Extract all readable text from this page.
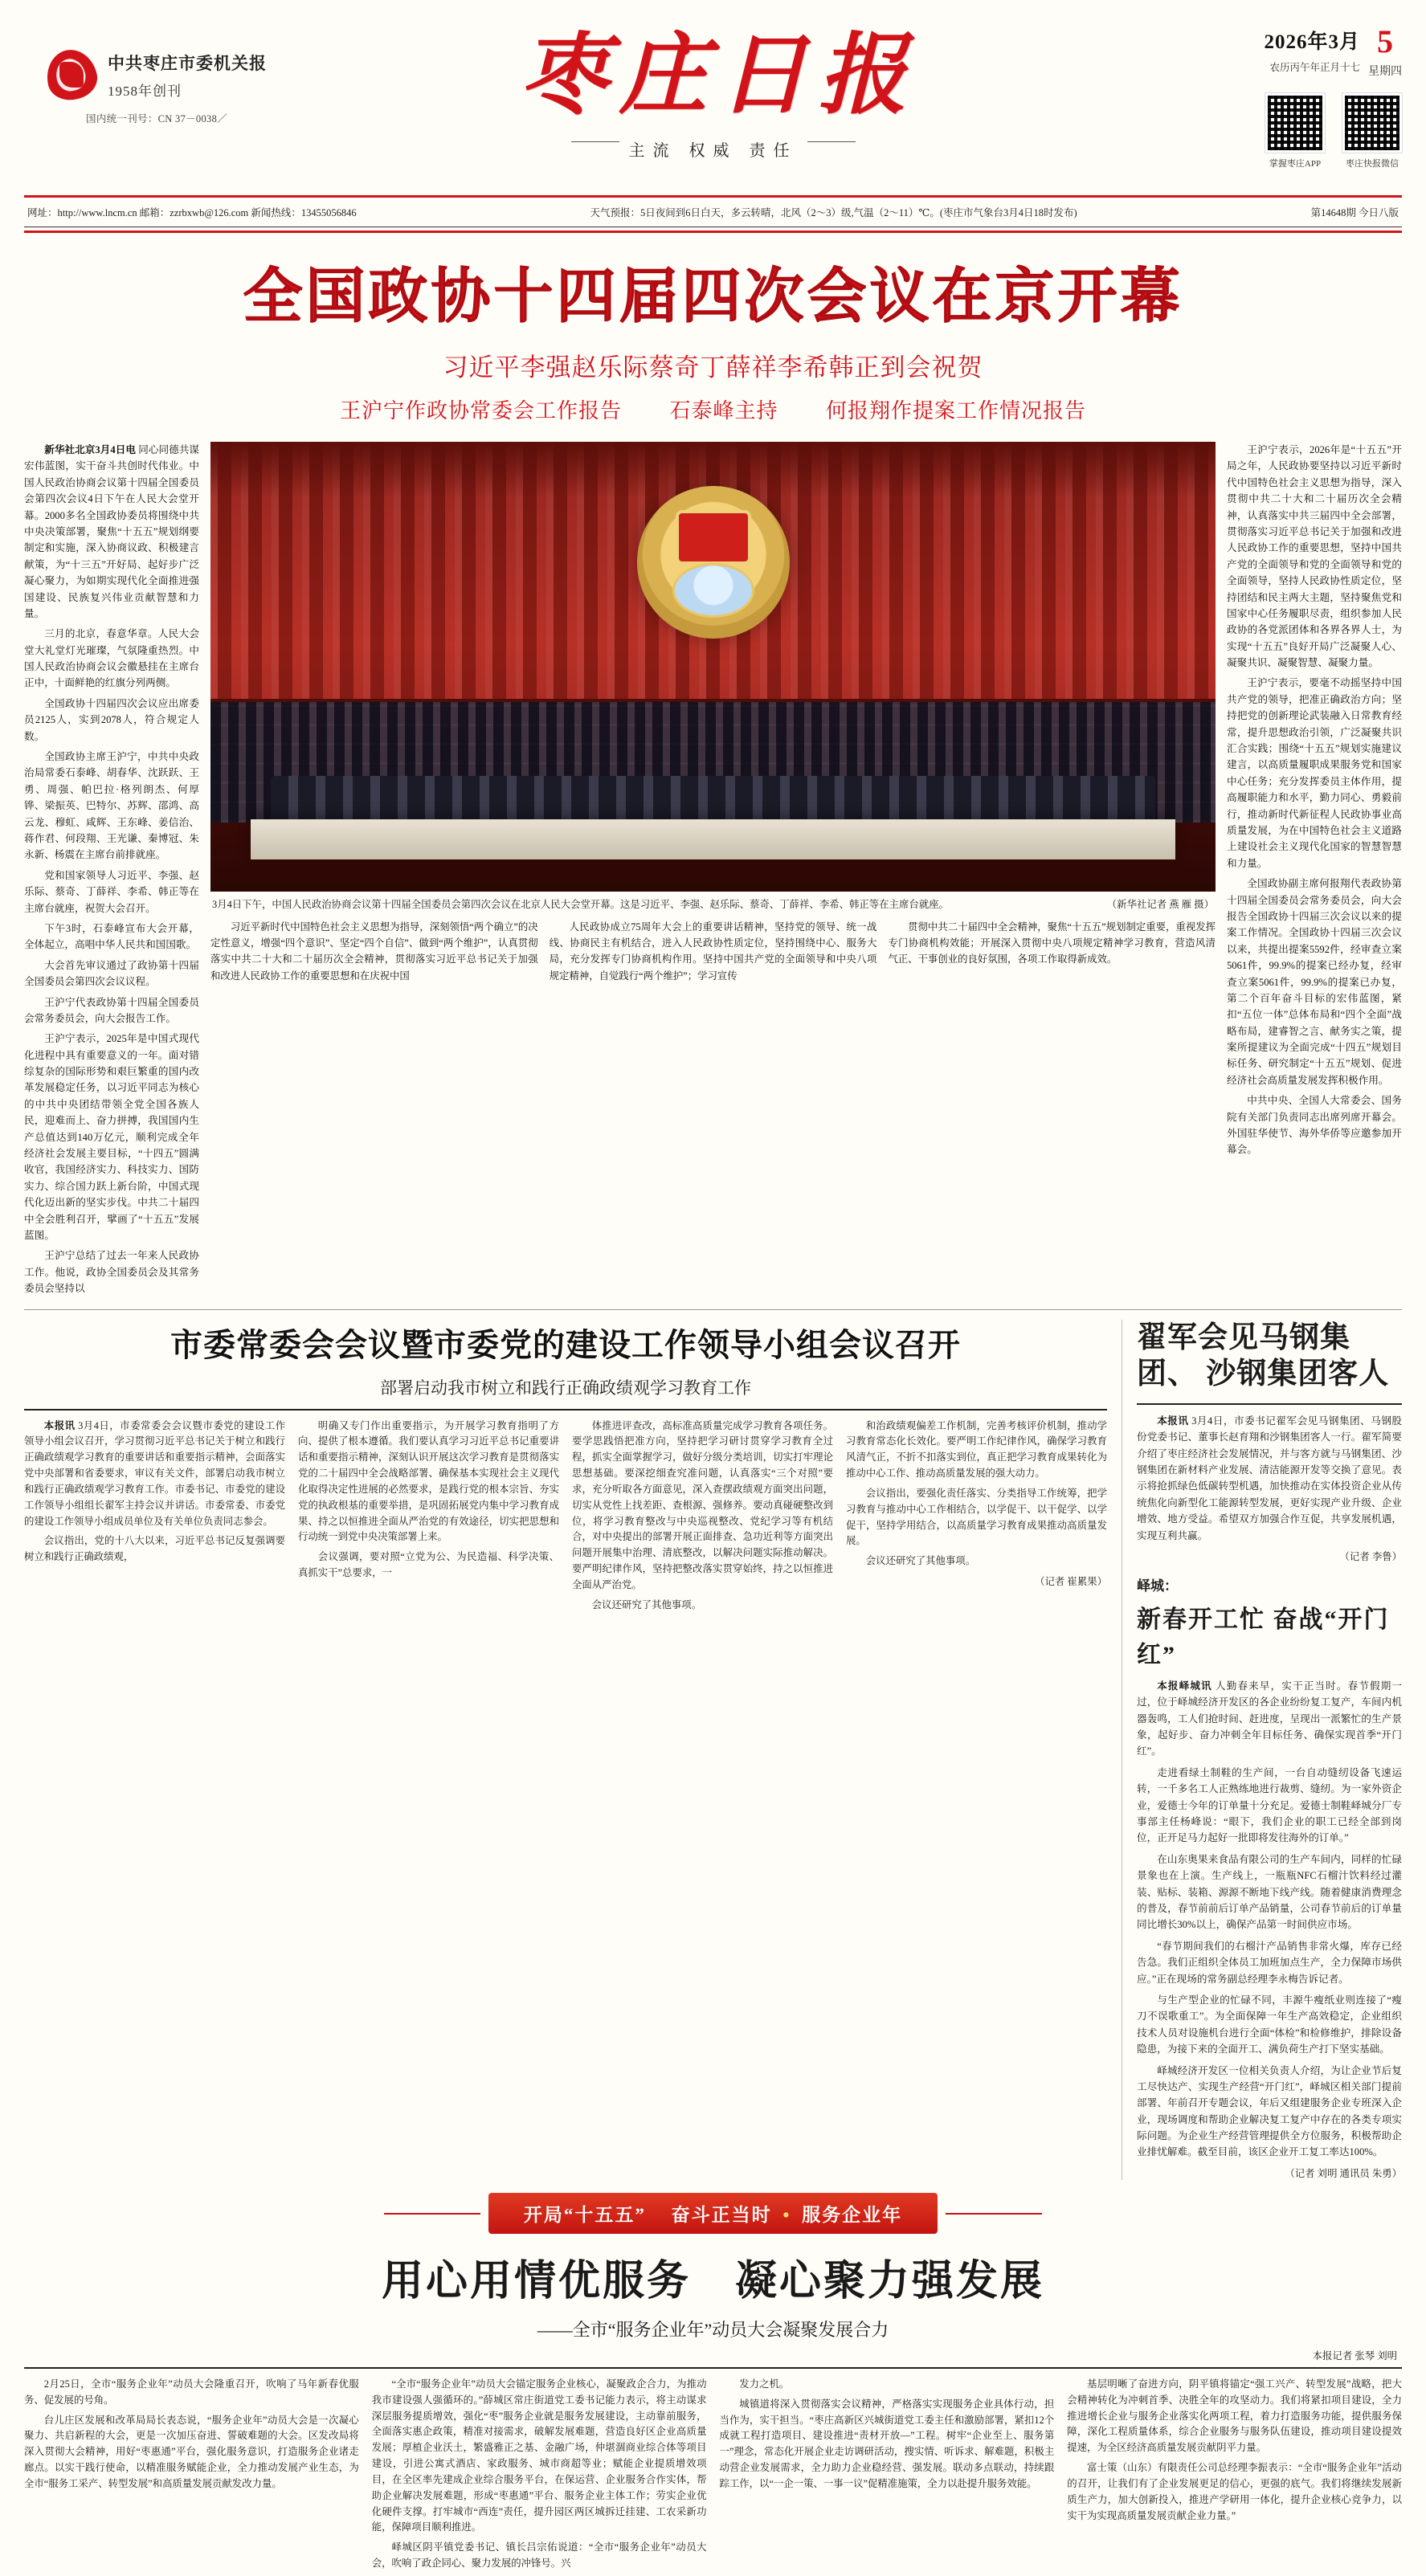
中共枣庄市委机关报
1958年创刊
国内统一刊号：CN 37－0038／	枣庄日报
主流 权威 责任
2026年3月
农历丙午年正月十七
5
星期四
掌握枣庄APP	枣庄快报微信
网址：http://www.lncm.cn 邮箱：zzrbxwb@126.com 新闻热线：13455056846	天气预报：5日夜间到6日白天，多云转晴，北风（2～3）级,气温（2～11）℃。(枣庄市气象台3月4日18时发布)	第14648期 今日八版
全国政协十四届四次会议在京开幕
习近平李强赵乐际蔡奇丁薛祥李希韩正到会祝贺
王沪宁作政协常委会工作报告 石泰峰主持 何报翔作提案工作情况报告

新华社北京3月4日电 同心同德共谋宏伟蓝图，实干奋斗共创时代伟业。中国人民政治协商会议第十四届全国委员会第四次会议4日下午在人民大会堂开幕。2000多名全国政协委员将围绕中共中央决策部署，聚焦“十五五”规划纲要制定和实施，深入协商议政、积极建言献策，为“十三五”开好局、起好步广泛凝心聚力，为如期实现代化全面推进强国建设、民族复兴伟业贡献智慧和力量。

三月的北京，春意华章。人民大会堂大礼堂灯光璀璨，气氛隆重热烈。中国人民政治协商会议会徽悬挂在主席台正中，十面鲜艳的红旗分列两侧。

全国政协十四届四次会议应出席委员2125人，实到2078人，符合规定人数。

全国政协主席王沪宁，中共中央政治局常委石泰峰、胡春华、沈跃跃、王勇、周强、帕巴拉·格列朗杰、何厚铧、梁振英、巴特尔、苏辉、邵鸿、高云龙、穆虹、咸辉、王东峰、姜信治、蒋作君、何段翔、王光谦、秦博冠、朱永新、杨震在主席台前排就座。

党和国家领导人习近平、李强、赵乐际、蔡奇、丁薛祥、李希、韩正等在主席台就座，祝贺大会召开。

下午3时，石泰峰宣布大会开幕，全体起立，高唱中华人民共和国国歌。

大会首先审议通过了政协第十四届全国委员会第四次会议议程。

王沪宁代表政协第十四届全国委员会常务委员会，向大会报告工作。

王沪宁表示，2025年是中国式现代化进程中具有重要意义的一年。面对错综复杂的国际形势和艰巨繁重的国内改革发展稳定任务，以习近平同志为核心的中共中央团结带领全党全国各族人民，迎难而上、奋力拼搏，我国国内生产总值达到140万亿元，顺利完成全年经济社会发展主要目标，“十四五”圆满收官，我国经济实力、科技实力、国防实力、综合国力跃上新台阶，中国式现代化迈出新的坚实步伐。中共二十届四中全会胜利召开，擘画了“十五五”发展蓝图。

王沪宁总结了过去一年来人民政协工作。他说，政协全国委员会及其常务委员会坚持以

（新华社记者 燕 雁 摄）
3月4日下午，中国人民政治协商会议第十四届全国委员会第四次会议在北京人民大会堂开幕。这是习近平、李强、赵乐际、蔡奇、丁薛祥、李希、韩正等在主席台就座。

习近平新时代中国特色社会主义思想为指导，深刻领悟“两个确立”的决定性意义，增强“四个意识”、坚定“四个自信”、做到“两个维护”，认真贯彻落实中共二十大和二十届历次全会精神，贯彻落实习近平总书记关于加强和改进人民政协工作的重要思想和在庆祝中国

人民政协成立75周年大会上的重要讲话精神，坚持党的领导、统一战线、协商民主有机结合，进入人民政协性质定位，坚持围绕中心、服务大局，充分发挥专门协商机构作用。坚持中国共产党的全面领导和中央八项规定精神，自觉践行“两个维护”；学习宣传

贯彻中共二十届四中全会精神，聚焦“十五五”规划制定重要，重视发挥专门协商机构效能；开展深入贯彻中央八项规定精神学习教育，营造风清气正、干事创业的良好氛围，各项工作取得新成效。

王沪宁表示，2026年是“十五五”开局之年，人民政协要坚持以习近平新时代中国特色社会主义思想为指导，深入贯彻中共二十大和二十届历次全会精神，认真落实中共三届四中全会部署，贯彻落实习近平总书记关于加强和改进人民政协工作的重要思想，坚持中国共产党的全面领导和党的全面领导和党的全面领导，坚持人民政协性质定位，坚持团结和民主两大主题，坚持聚焦党和国家中心任务履职尽责，组织参加人民政协的各党派团体和各界各界人士，为实现“十五五”良好开局广泛凝聚人心、凝聚共识、凝聚智慧、凝聚力量。

王沪宁表示，要毫不动摇坚持中国共产党的领导，把准正确政治方向；坚持把党的创新理论武装融入日常教育经常，提升思想政治引领，广泛凝聚共识汇合实践；围绕“十五五”规划实施建议建言，以高质量履职成果服务党和国家中心任务；充分发挥委员主体作用，提高履职能力和水平，勤力同心、勇毅前行，推动新时代新征程人民政协事业高质量发展，为在中国特色社会主义道路上建设社会主义现代化国家的智慧智慧和力量。

全国政协副主席何报翔代表政协第十四届全国委员会常务委员会，向大会报告全国政协十四届三次会议以来的提案工作情况。全国政协十四届三次会议以来，共提出提案5592件，经审查立案5061件，99.9%的提案已经办复，经审查立案5061件，99.9%的提案已办复，第二个百年奋斗目标的宏伟蓝图，紧扣“五位一体”总体布局和“四个全面”战略布局，建睿智之言、献务实之策，提案所提建议为全面完成“十四五”规划目标任务、研究制定“十五五”规划、促进经济社会高质量发展发挥积极作用。

中共中央、全国人大常委会、国务院有关部门负责同志出席列席开幕会。外国驻华使节、海外华侨等应邀参加开幕会。

市委常委会会议暨市委党的建设工作领导小组会议召开
部署启动我市树立和践行正确政绩观学习教育工作

本报讯 3月4日，市委常委会会议暨市委党的建设工作领导小组会议召开，学习贯彻习近平总书记关于树立和践行正确政绩观学习教育的重要讲话和重要指示精神，会面落实党中央部署和省委要求，审议有关文件，部署启动我市树立和践行正确政绩观学习教育工作。市委书记、市委党的建设工作领导小组组长翟军主持会议并讲话。市委常委、市委党的建设工作领导小组成员单位及有关单位负责同志参会。

会议指出，党的十八大以来，习近平总书记反复强调要树立和践行正确政绩观，

明确又专门作出重要指示，为开展学习教育指明了方向、提供了根本遵循。我们要认真学习习近平总书记重要讲话和重要指示精神，深刻认识开展这次学习教育是贯彻落实党的二十届四中全会战略部署、确保基本实现社会主义现代化取得决定性进展的必然要求，是践行党的根本宗旨、夯实党的执政根基的重要举措，是巩固拓展党内集中学习教育成果、持之以恒推进全面从严治党的有效途径，切实把思想和行动统一到党中央决策部署上来。

会议强调，要对照“立党为公、为民造福、科学决策、真抓实干”总要求，一

体推进评查改，高标准高质量完成学习教育各项任务。要学思践悟把准方向，坚持把学习研讨贯穿学习教育全过程，抓实全面掌握学习，做好分级分类培训，切实打牢理论思想基础。要深挖细查究准问题，认真落实“三个对照”要求，充分听取各方面意见，深入查摆政绩观方面突出问题，切实从党性上找差距、查根源、强修养。要动真碰硬整改到位，将学习教育整改与中央巡视整改、党纪学习等有机结合，对中央提出的部署开展正面排查、急功近利等方面突出问题开展集中治理、清底整改，以解决问题实际推动解决。要严明纪律作风，坚持把整改落实贯穿始终，持之以恒推进全面从严治党。

会议还研究了其他事项。

和治政绩观偏差工作机制，完善考核评价机制，推动学习教育常态化长效化。要严明工作纪律作风，确保学习教育风清气正，不折不扣落实到位，真正把学习教育成果转化为推动中心工作、推动高质量发展的强大动力。

会议指出，要强化责任落实、分类指导工作统筹，把学习教育与推动中心工作相结合，以学促干、以干促学、以学促干，坚持学用结合，以高质量学习教育成果推动高质量发展。

会议还研究了其他事项。

（记者 崔累果）
翟军会见马钢集团、 沙钢集团客人

本报讯 3月4日，市委书记翟军会见马钢集团、马钢股份党委书记、董事长赵育翔和沙钢集团客人一行。翟军简要介绍了枣庄经济社会发展情况，并与客方就与马钢集团、沙钢集团在新材料产业发展、清洁能源开发等交换了意见。表示将抢抓绿色低碳转型机遇，加快推动在实体投资企业从传统焦化向新型化工能源转型发展，更好实现产业升级、企业增效、地方受益。希望双方加强合作互促，共享发展机遇，实现互利共赢。

（记者 李鲁）
峄城：
新春开工忙 奋战“开门红”

本报峄城讯 人勤春来早，实干正当时。春节假期一过，位于峄城经济开发区的各企业纷纷复工复产，车间内机器轰鸣，工人们抢时间、赶进度，呈现出一派繁忙的生产景象，起好步、奋力冲刺全年目标任务、确保实现首季“开门红”。

走进看绿土制鞋的生产间，一台自动缝纫设备飞速运转，一千多名工人正熟练地进行裁剪、缝纫。为一家外资企业，爱德士今年的订单量十分充足。爱德士制鞋峄城分厂专事部主任杨峰说：“眼下，我们企业的职工已经全部到岗位，正开足马力起好一批即将发往海外的订单。”

在山东奥果来食品有限公司的生产车间内，同样的忙碌景象也在上演。生产线上，一瓶瓶NFC石榴汁饮料经过灌装、贴标、装箱、源源不断地下线产线。随着健康消费理念的普及，春节前前后订单产品销量，公司春节前后的订单量同比增长30%以上，确保产品第一时间供应市场。

“春节期间我们的右榴汁产品销售非常火爆，库存已经告急。我们正组织全体员工加班加点生产，全力保障市场供应。”正在现场的常务副总经理李永梅告诉记者。

与生产型企业的忙碌不同，丰源牛瘦纸业则连接了“瘦刀不误歌重工”。为全面保障一年生产高效稳定，企业组织技术人员对设施机台进行全面“体检”和检修维护，排除设备隐患，为接下来的全面开工、满负荷生产打下坚实基础。

峄城经济开发区一位相关负责人介绍，为让企业节后复工尽快达产、实现生产经营“开门红”，峄城区相关部门提前部署、年前召开专题会议，年后又组建服务企业专班深入企业，现场调度和帮助企业解决复工复产中存在的各类专项实际问题。为企业生产经营管理提供全方位服务，积极帮助企业排忧解难。截至目前，该区企业开工复工率达100%。

（记者 刘明 通讯员 朱勇）
开局“十五五” 奋斗正当时 • 服务企业年
用心用情优服务　凝心聚力强发展
——全市“服务企业年”动员大会凝聚发展合力
本报记者 张琴 刘明

2月25日，全市“服务企业年”动员大会隆重召开，吹响了马年新春优服务、促发展的号角。

台儿庄区发展和改革局局长表态说，“服务企业年”动员大会是一次凝心聚力、共启新程的大会，更是一次加压奋进、誓破难题的大会。区发改局将深入贯彻大会精神，用好“枣惠通”平台，强化服务意识，打造服务企业诸走廊点。以实干践行使命，以精准服务赋能企业，全力推动发展产业生态，为全市“服务工采产、转型发展”和高质量发展贡献发改力量。

“全市“服务企业年”动员大会锚定服务企业核心，凝聚政企合力，为推动我市建设强人强循环的。”薛城区常庄街道党工委书记能力表示，将主动谋求深层服务提质增效，强化“枣”服务企业就是服务发展建设，主动靠前服务，全面落实惠企政策，精准对接需求，破解发展难题，营造良好区企业高质量发展；厚植企业沃土，繁盛雅正之基、金融广场，仲堪涸商业综合体等项目建设，引进公寓式酒店、家政服务、城市商超等业；赋能企业提质增效项目，在全区率先建成企业综合服务平台，在保运营、企业服务合作实体，帮助企业解决发展难题，形成“枣惠通”平台、服务企业主体工作；劳实企业优化硬件支撑。打牢城市“西连”责任，提升园区两区城拆迁挂建、工农采新功能，保障项目顺利推进。

峄城区阴平镇党委书记、镇长吕宗佑说道：“全市“服务企业年”动员大会，吹响了政企同心、聚力发展的冲锋号。兴

发力之机。

城镇道将深入贯彻落实会议精神，严格落实实现服务企业具体行动，担当作为，实干担当。“枣庄高新区兴城街道党工委主任和激励部署，紧扣12个成就工程打造项目、建设推进“责材开放—”工程。树牢“企业至上、服务第一”理念，常态化开展企业走访调研活动，搜实情、听诉求、解难题，积极主动营企业发展需求，全力助力企业稳经营、强发展。联动多点联动，持续跟踪工作，以“一企一策、一事一议”促精准施策，全力以赴提升服务效能。

基层明晰了奋进方向，阴平镇将锚定“强工兴产、转型发展”战略，把大会精神转化为冲刺首季、决胜全年的攻坚动力。我们将紧扣项目建设，全力推进增长企业与服务企业落实化两项工程，着力打造服务功能，提供服务保障，深化工程质量体系，综合企业服务与服务队伍建设，推动项目建设提效提速，为全区经济高质量发展贡献阴平力量。

富士策（山东）有限责任公司总经理李振表示：“全市“服务企业年”活动的召开，让我们有了企业发展更足的信心，更强的底气。我们将继续发展新质生产力，加大创新投入，推进产学研用一体化，提升企业核心竞争力，以实干为实现高质量发展贡献企业力量。”
